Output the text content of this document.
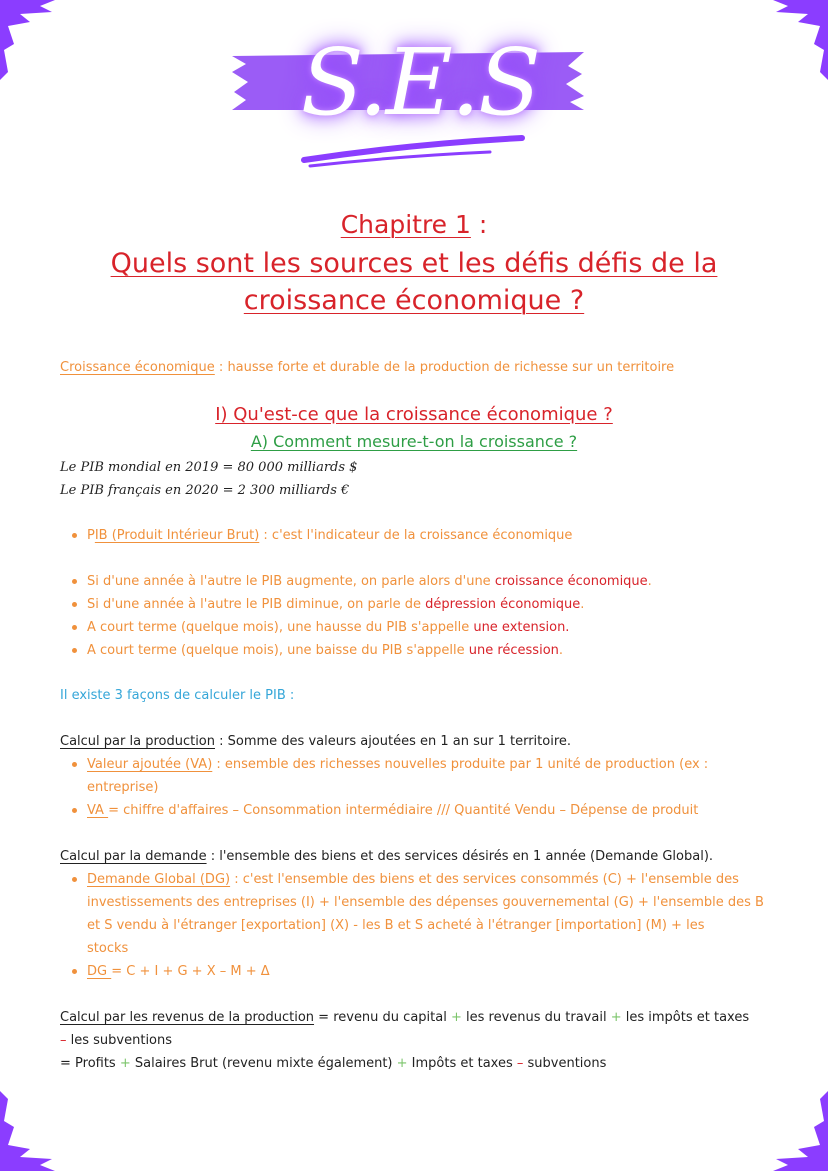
S.E.S
Chapitre 1 :
Quels sont les sources et les défis défis de la
croissance économique ?
Croissance économique : hausse forte et durable de la production de richesse sur un territoire
I) Qu'est-ce que la croissance économique ?
A) Comment mesure-t-on la croissance ?
Le PIB mondial en 2019 = 80 000 milliards $
Le PIB français en 2020 = 2 300 milliards €
PIB (Produit Intérieur Brut) : c'est l'indicateur de la croissance économique
Si d'une année à l'autre le PIB augmente, on parle alors d'une croissance économique.
Si d'une année à l'autre le PIB diminue, on parle de dépression économique.
A court terme (quelque mois), une hausse du PIB s'appelle une extension.
A court terme (quelque mois), une baisse du PIB s'appelle une récession.
Il existe 3 façons de calculer le PIB :
Calcul par la production : Somme des valeurs ajoutées en 1 an sur 1 territoire.
Valeur ajoutée (VA) : ensemble des richesses nouvelles produite par 1 unité de production (ex :
entreprise)
VA = chiffre d'affaires – Consommation intermédiaire /// Quantité Vendu – Dépense de produit
Calcul par la demande : l'ensemble des biens et des services désirés en 1 année (Demande Global).
Demande Global (DG) : c'est l'ensemble des biens et des services consommés (C) + l'ensemble des
investissements des entreprises (I) + l'ensemble des dépenses gouvernemental (G) + l'ensemble des B
et S vendu à l'étranger [exportation] (X) - les B et S acheté à l'étranger [importation] (M) + les
stocks
DG = C + I + G + X – M + Δ
Calcul par les revenus de la production = revenu du capital + les revenus du travail + les impôts et taxes
– les subventions
= Profits + Salaires Brut (revenu mixte également) + Impôts et taxes – subventions
